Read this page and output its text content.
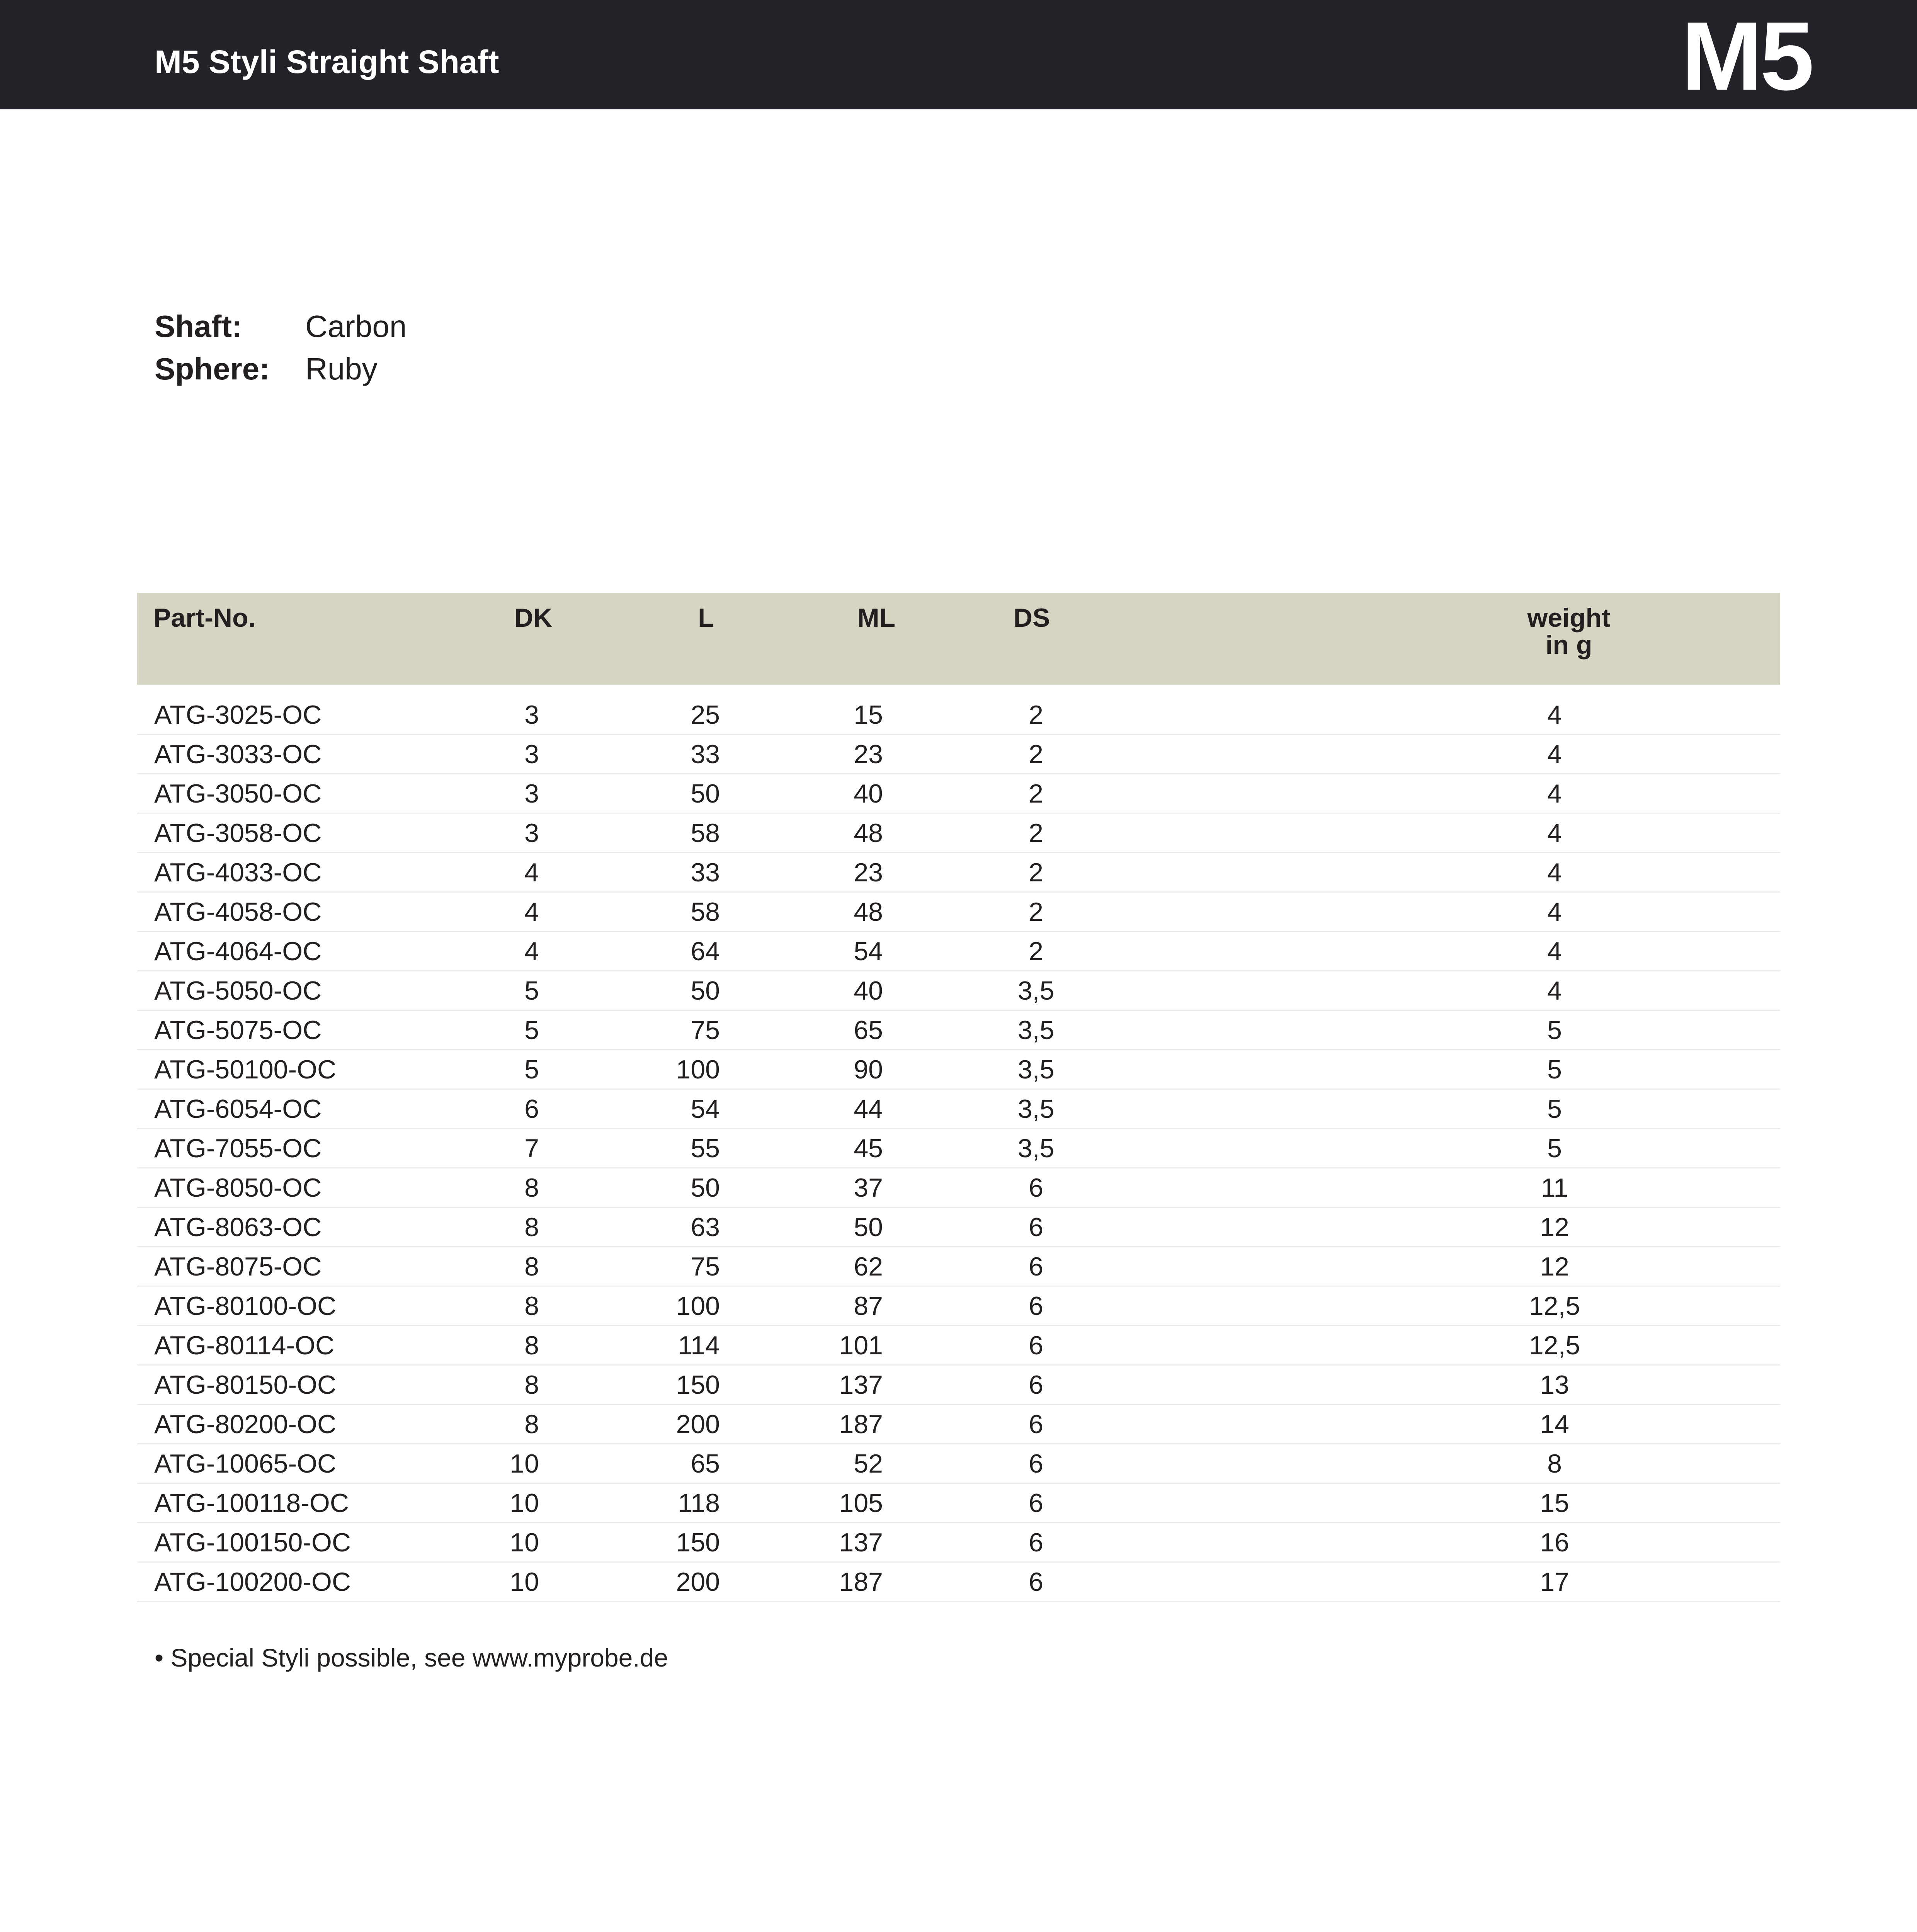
M5 Styli Straight Shaft	M5
Shaft:	Carbon
Sphere:	Ruby
Part-No.	DK	L	ML	DS	weight
in g
ATG-3025-OC	3	25	15	2	4
ATG-3033-OC	3	33	23	2	4
ATG-3050-OC	3	50	40	2	4
ATG-3058-OC	3	58	48	2	4
ATG-4033-OC	4	33	23	2	4
ATG-4058-OC	4	58	48	2	4
ATG-4064-OC	4	64	54	2	4
ATG-5050-OC	5	50	40	3,5	4
ATG-5075-OC	5	75	65	3,5	5
ATG-50100-OC	5	100	90	3,5	5
ATG-6054-OC	6	54	44	3,5	5
ATG-7055-OC	7	55	45	3,5	5
ATG-8050-OC	8	50	37	6	11
ATG-8063-OC	8	63	50	6	12
ATG-8075-OC	8	75	62	6	12
ATG-80100-OC	8	100	87	6	12,5
ATG-80114-OC	8	114	101	6	12,5
ATG-80150-OC	8	150	137	6	13
ATG-80200-OC	8	200	187	6	14
ATG-10065-OC	10	65	52	6	8
ATG-100118-OC	10	118	105	6	15
ATG-100150-OC	10	150	137	6	16
ATG-100200-OC	10	200	187	6	17
• Special Styli possible, see www.myprobe.de
